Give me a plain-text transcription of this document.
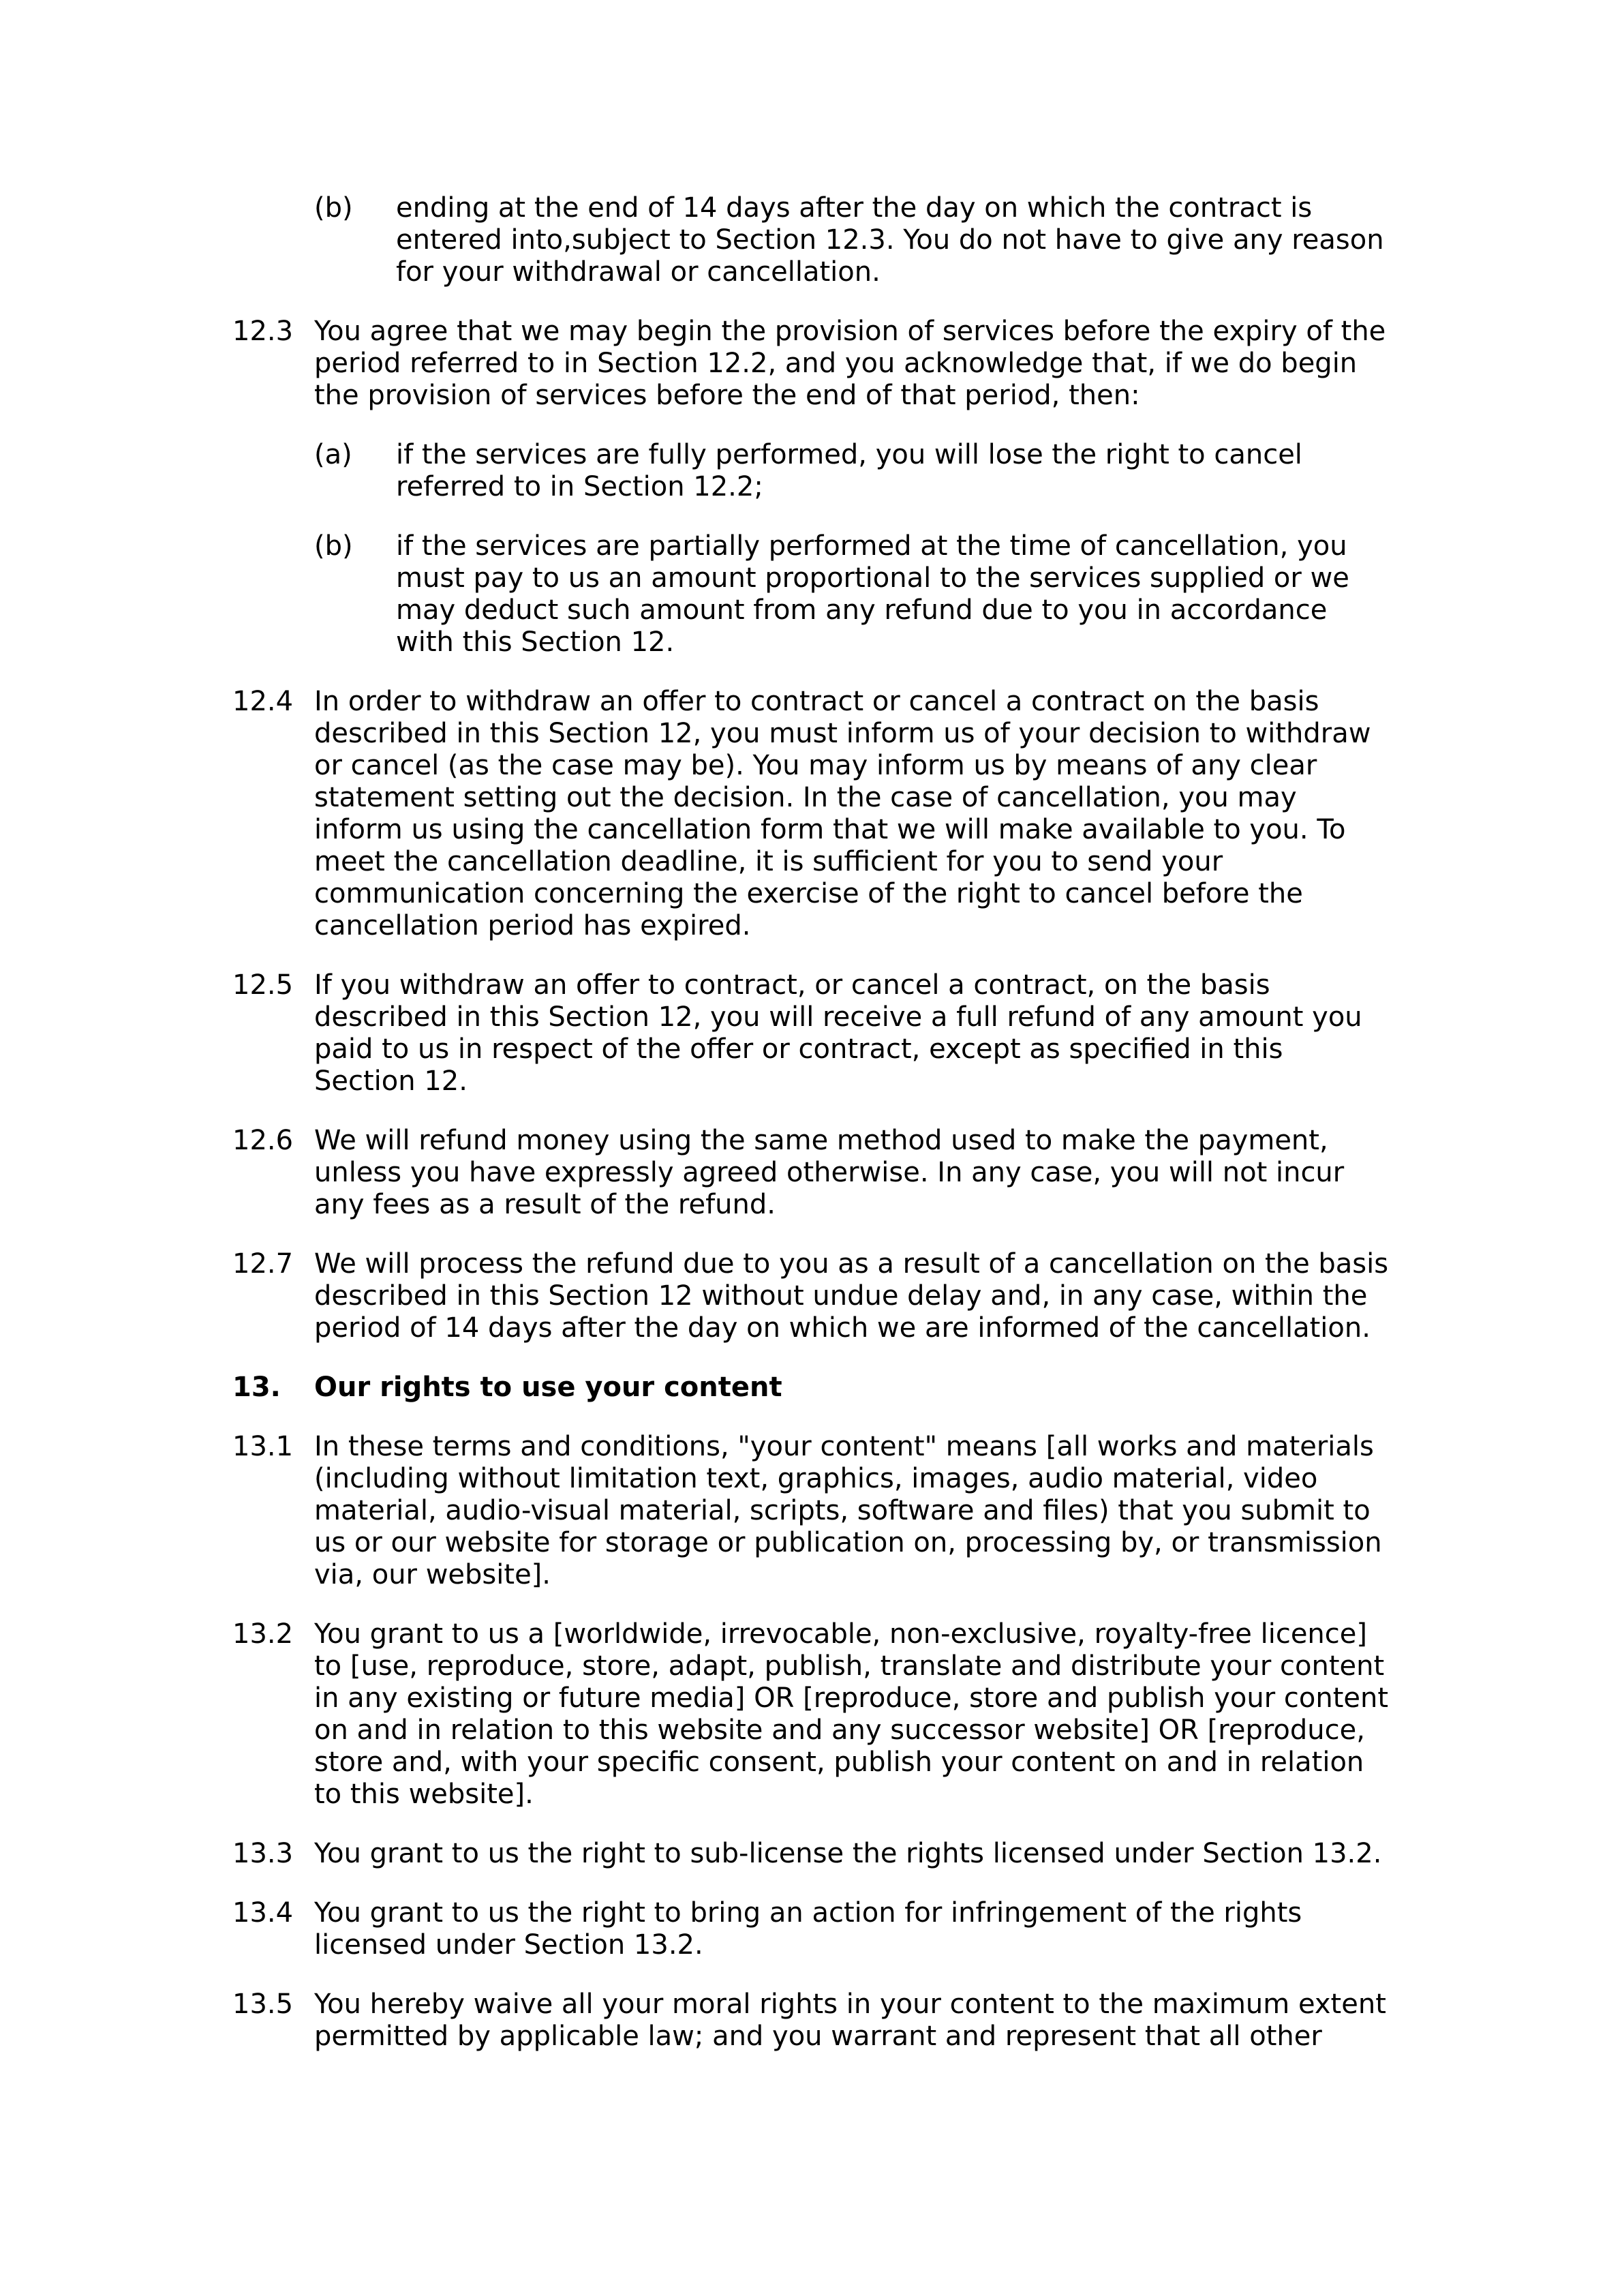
(b)	ending at the end of 14 days after the day on which the contract is
entered into,subject to Section 12.3. You do not have to give any reason
for your withdrawal or cancellation.
12.3 You agree that we may begin the provision of services before the expiry of the
period referred to in Section 12.2, and you acknowledge that, if we do begin
the provision of services before the end of that period, then:
(a)	if the services are fully performed, you will lose the right to cancel
referred to in Section 12.2;
(b)	if the services are partially performed at the time of cancellation, you
must pay to us an amount proportional to the services supplied or we
may deduct such amount from any refund due to you in accordance
with this Section 12.
12.4 In order to withdraw an offer to contract or cancel a contract on the basis
described in this Section 12, you must inform us of your decision to withdraw
or cancel (as the case may be). You may inform us by means of any clear
statement setting out the decision. In the case of cancellation, you may
inform us using the cancellation form that we will make available to you. To
meet the cancellation deadline, it is sufficient for you to send your
communication concerning the exercise of the right to cancel before the
cancellation period has expired.
12.5 If you withdraw an offer to contract, or cancel a contract, on the basis
described in this Section 12, you will receive a full refund of any amount you
paid to us in respect of the offer or contract, except as specified in this
Section 12.
12.6 We will refund money using the same method used to make the payment,
unless you have expressly agreed otherwise. In any case, you will not incur
any fees as a result of the refund.
12.7 We will process the refund due to you as a result of a cancellation on the basis
described in this Section 12 without undue delay and, in any case, within the
period of 14 days after the day on which we are informed of the cancellation.
13.	Our rights to use your content
13.1 In these terms and conditions, "your content" means [all works and materials
(including without limitation text, graphics, images, audio material, video
material, audio-visual material, scripts, software and files) that you submit to
us or our website for storage or publication on, processing by, or transmission
via, our website].
13.2 You grant to us a [worldwide, irrevocable, non-exclusive, royalty-free licence]
to [use, reproduce, store, adapt, publish, translate and distribute your content
in any existing or future media] OR [reproduce, store and publish your content
on and in relation to this website and any successor website] OR [reproduce,
store and, with your specific consent, publish your content on and in relation
to this website].
13.3 You grant to us the right to sub-license the rights licensed under Section 13.2.
13.4 You grant to us the right to bring an action for infringement of the rights
licensed under Section 13.2.
13.5 You hereby waive all your moral rights in your content to the maximum extent
permitted by applicable law; and you warrant and represent that all other
